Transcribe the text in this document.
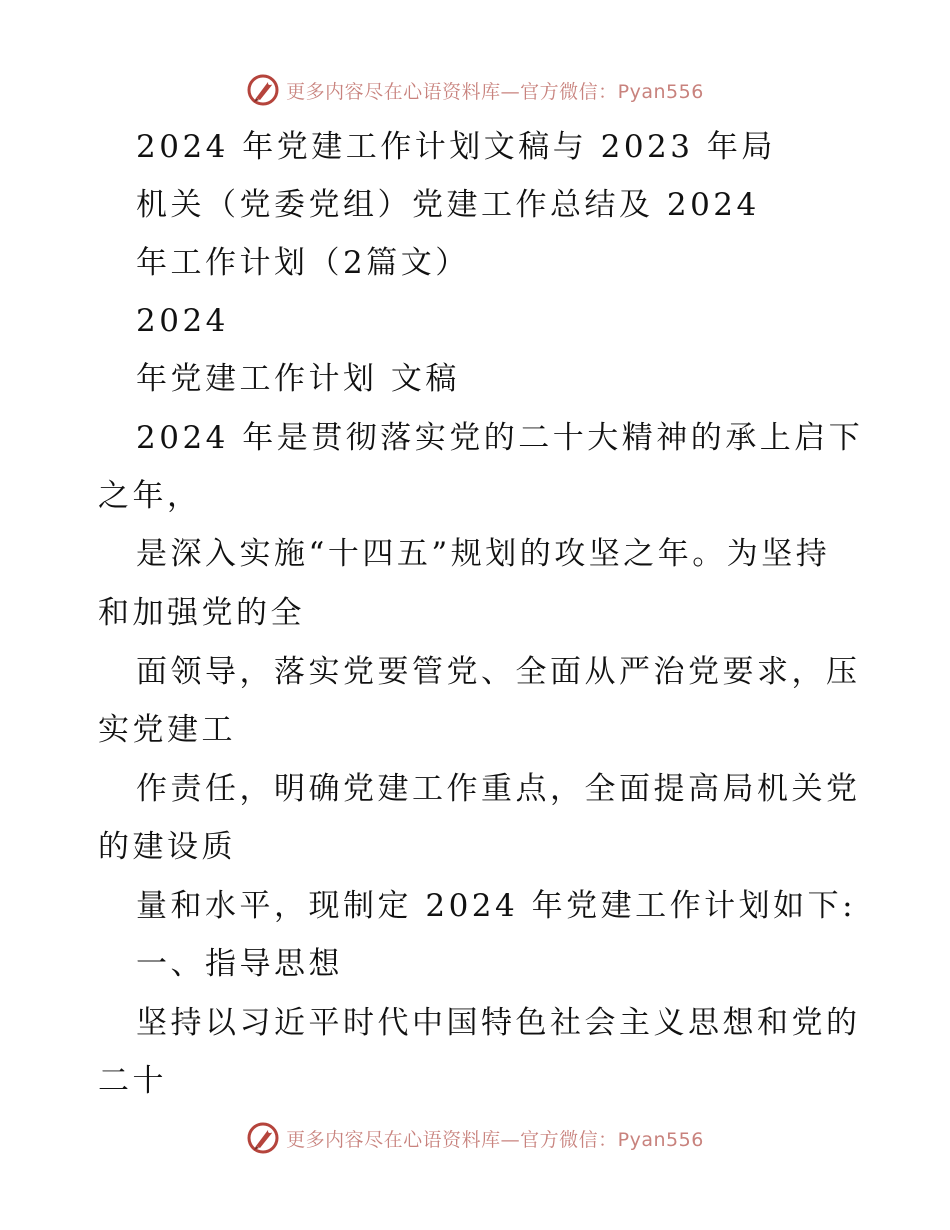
更多内容尽在心语资料库—官方微信：Pyan556
2024 年党建工作计划文稿与 2023 年局
机关（党委党组）党建工作总结及 2024
年工作计划（2篇文）
2024
年党建工作计划 文稿
2024 年是贯彻落实党的二十大精神的承上启下
之年，
是深入实施“十四五”规划的攻坚之年。为坚持
和加强党的全
面领导，落实党要管党、全面从严治党要求，压
实党建工
作责任，明确党建工作重点，全面提高局机关党
的建设质
量和水平，现制定 2024 年党建工作计划如下:
一、指导思想
坚持以习近平时代中国特色社会主义思想和党的
二十
更多内容尽在心语资料库—官方微信：Pyan556
